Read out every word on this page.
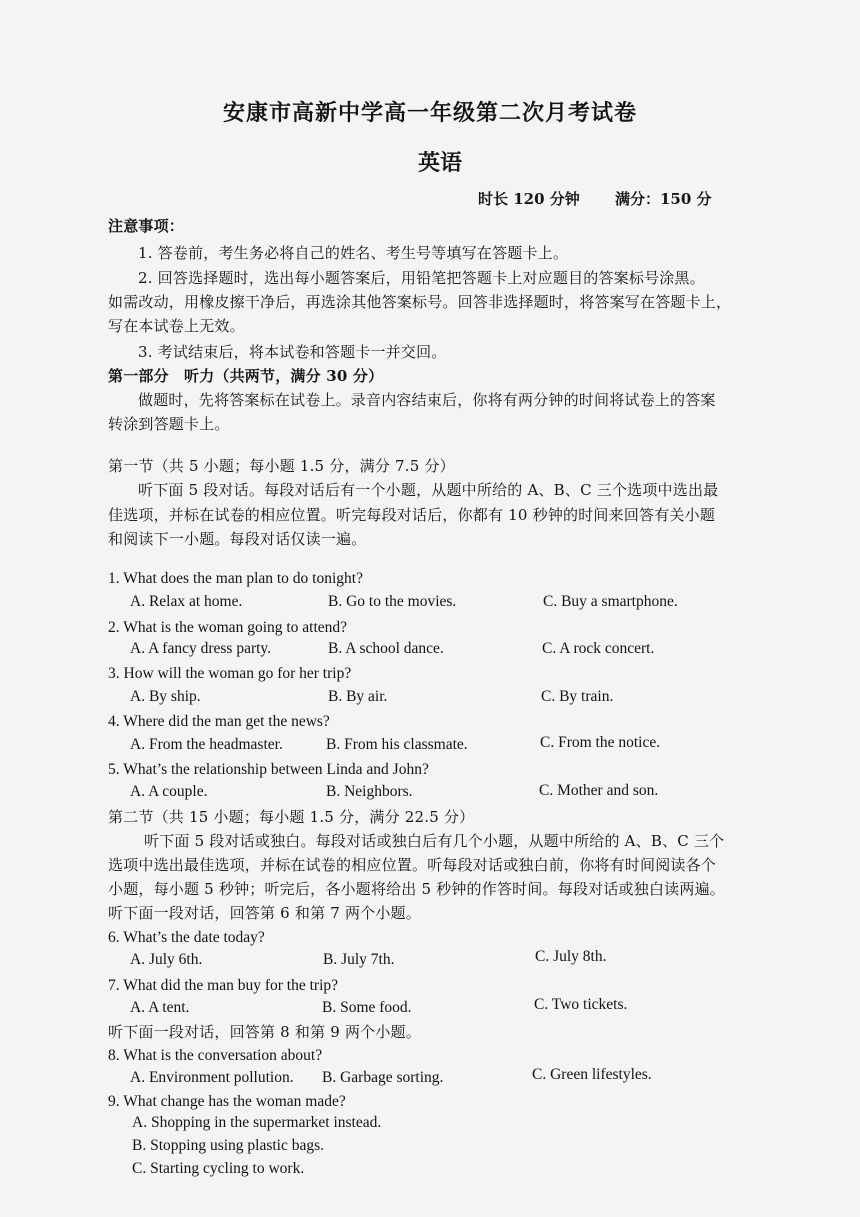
安康市高新中学高一年级第二次月考试卷
英语
时长 120 分钟 满分：150 分
注意事项：
1. 答卷前，考生务必将自己的姓名、考生号等填写在答题卡上。
2. 回答选择题时，选出每小题答案后，用铅笔把答题卡上对应题目的答案标号涂黑。
如需改动，用橡皮擦干净后，再选涂其他答案标号。回答非选择题时，将答案写在答题卡上，
写在本试卷上无效。
3. 考试结束后，将本试卷和答题卡一并交回。
第一部分　听力（共两节，满分 30 分）
做题时，先将答案标在试卷上。录音内容结束后，你将有两分钟的时间将试卷上的答案
转涂到答题卡上。
第一节（共 5 小题；每小题 1.5 分，满分 7.5 分）
听下面 5 段对话。每段对话后有一个小题，从题中所给的 A、B、C 三个选项中选出最
佳选项，并标在试卷的相应位置。听完每段对话后，你都有 10 秒钟的时间来回答有关小题
和阅读下一小题。每段对话仅读一遍。
1. What does the man plan to do tonight?
A. Relax at home.	B. Go to the movies.	C. Buy a smartphone.
2. What is the woman going to attend?
A. A fancy dress party.	B. A school dance.	C. A rock concert.
3. How will the woman go for her trip?
A. By ship.	B. By air.	C. By train.
4. Where did the man get the news?
A. From the headmaster.	B. From his classmate.	C. From the notice.
5. What’s the relationship between Linda and John?
A. A couple.	B. Neighbors.	C. Mother and son.
第二节（共 15 小题；每小题 1.5 分，满分 22.5 分）
听下面 5 段对话或独白。每段对话或独白后有几个小题，从题中所给的 A、B、C 三个
选项中选出最佳选项，并标在试卷的相应位置。听每段对话或独白前，你将有时间阅读各个
小题，每小题 5 秒钟；听完后，各小题将给出 5 秒钟的作答时间。每段对话或独白读两遍。
听下面一段对话，回答第 6 和第 7 两个小题。
6. What’s the date today?
A. July 6th.	B. July 7th.	C. July 8th.
7. What did the man buy for the trip?
A. A tent.	B. Some food.	C. Two tickets.
听下面一段对话，回答第 8 和第 9 两个小题。
8. What is the conversation about?
A. Environment pollution. B. Garbage sorting.	C. Green lifestyles.
9. What change has the woman made?
A. Shopping in the supermarket instead.
B. Stopping using plastic bags.
C. Starting cycling to work.
